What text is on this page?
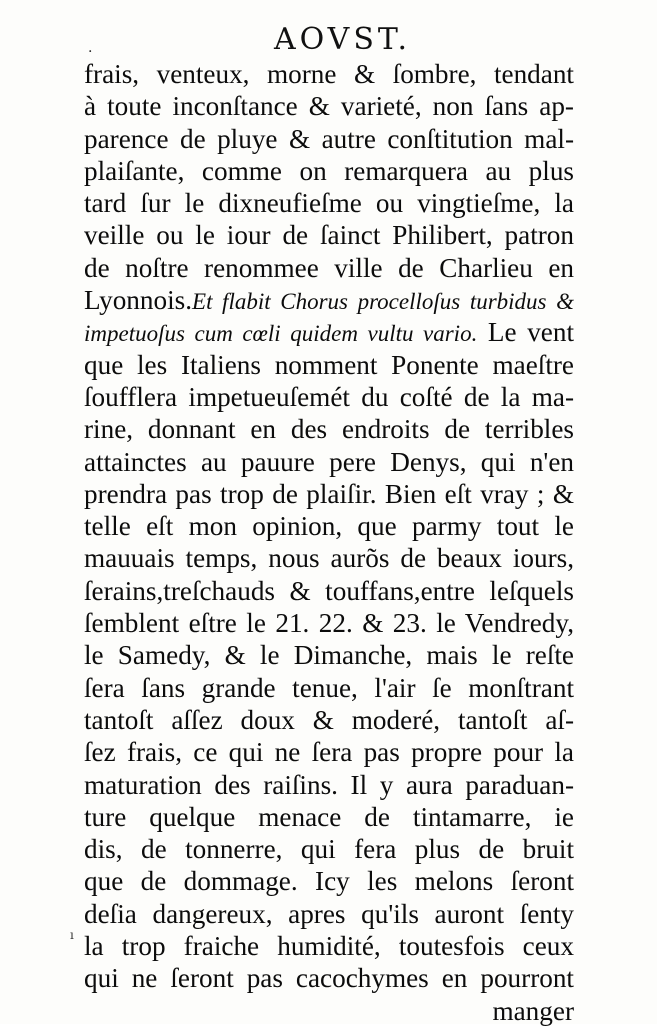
AOVST.
.
frais, venteux, morne & ſombre, tendant
à toute inconſtance & varieté, non ſans ap-
parence de pluye & autre conſtitution mal-
plaiſante, comme on remarquera au plus
tard ſur le dixneufieſme ou vingtieſme, la
veille ou le iour de ſainct Philibert, patron
de noſtre renommee ville de Charlieu en
Lyonnois.Et flabit Chorus procelloſus turbidus &
impetuoſus cum cœli quidem vultu vario. Le vent
que les Italiens nomment Ponente maeſtre
ſoufflera impetueuſemét du coſté de la ma-
rine, donnant en des endroits de terribles
attainctes au pauure pere Denys, qui n'en
prendra pas trop de plaiſir. Bien eſt vray ; &
telle eſt mon opinion, que parmy tout le
mauuais temps, nous aurõs de beaux iours,
ſerains,treſchauds & touffans,entre leſquels
ſemblent eſtre le 21. 22. & 23. le Vendredy,
le Samedy, & le Dimanche, mais le reſte
ſera ſans grande tenue, l'air ſe monſtrant
tantoſt aſſez doux & moderé, tantoſt aſ-
ſez frais, ce qui ne ſera pas propre pour la
maturation des raiſins. Il y aura paraduan-
ture quelque menace de tintamarre, ie
dis, de tonnerre, qui fera plus de bruit
que de dommage. Icy les melons ſeront
deſia dangereux, apres qu'ils auront ſenty
la trop fraiche humidité, toutesfois ceux
qui ne ſeront pas cacochymes en pourront
manger
ı
